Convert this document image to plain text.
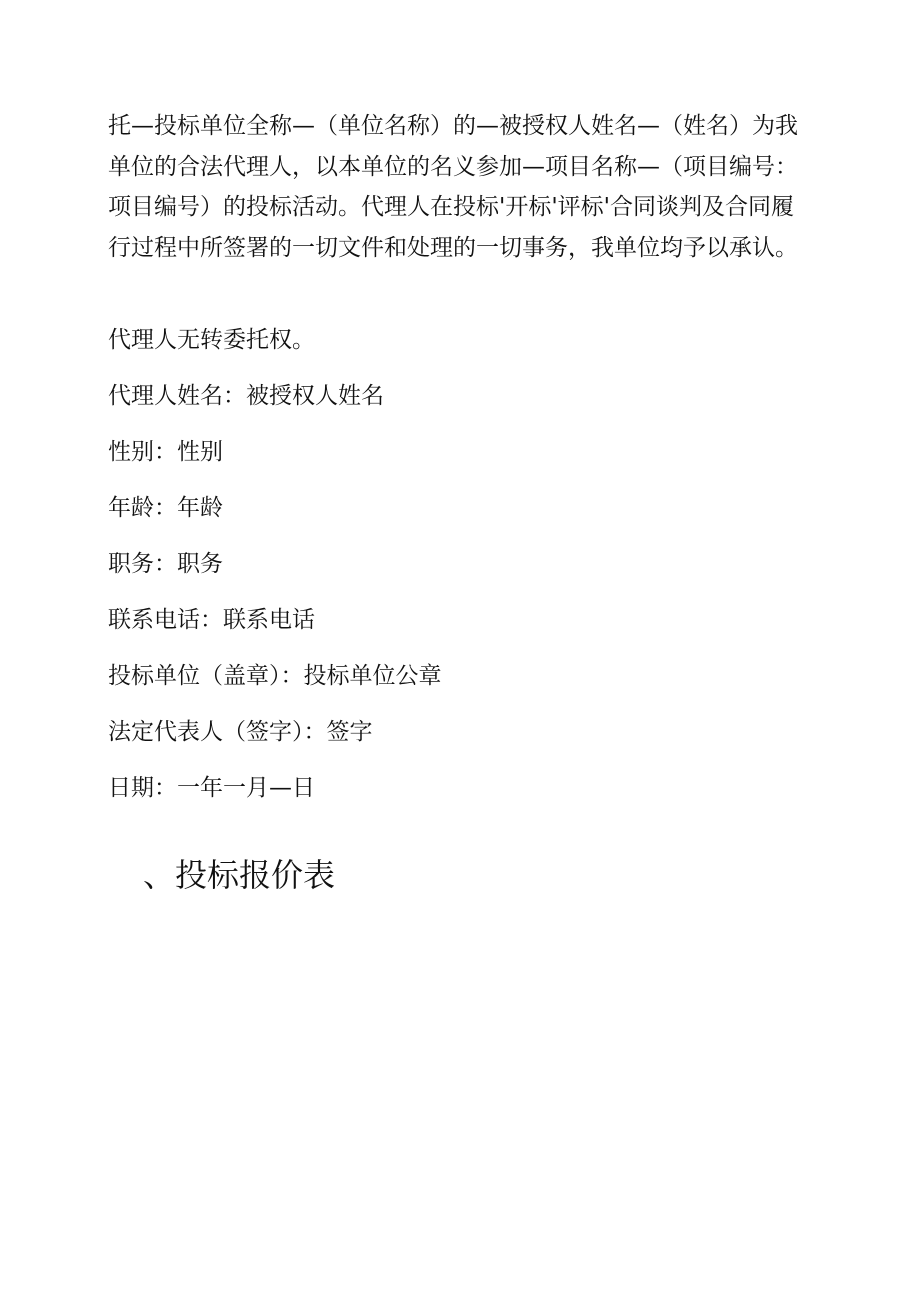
托—投标单位全称—（单位名称）的—被授权人姓名—（姓名）为我单位的合法代理人，以本单位的名义参加—项目名称—（项目编号：项目编号）的投标活动。代理人在投标'开标'评标'合同谈判及合同履行过程中所签署的一切文件和处理的一切事务，我单位均予以承认。

代理人无转委托权。

代理人姓名：被授权人姓名

性别：性别

年龄：年龄

职务：职务

联系电话：联系电话

投标单位（盖章）：投标单位公章

法定代表人（签字）：签字

日期：一年一月—日

、投标报价表
